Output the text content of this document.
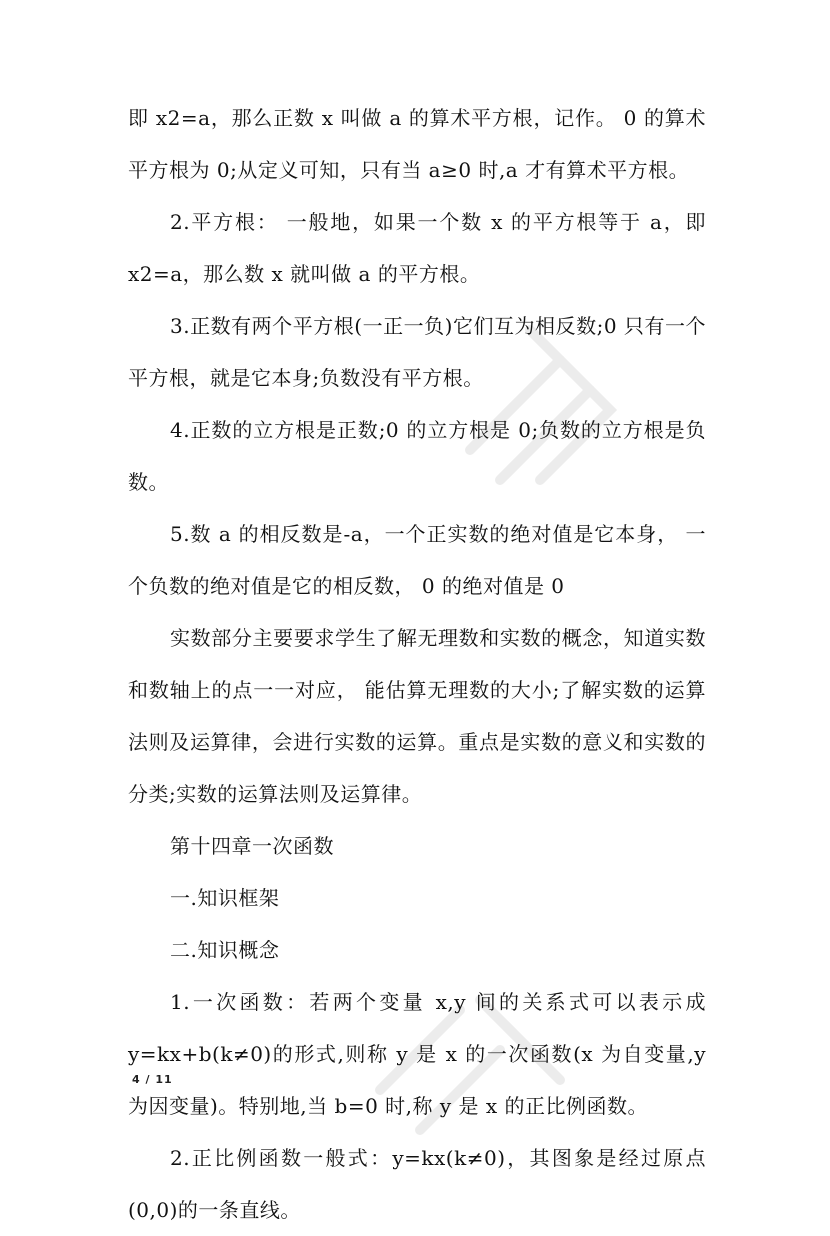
即 x2=a，那么正数 x 叫做 a 的算术平方根，记作。 0 的算术平方根为 0;从定义可知，只有当 a≥0 时,a 才有算术平方根。

2.平方根： 一般地，如果一个数 x 的平方根等于 a，即 x2=a，那么数 x 就叫做 a 的平方根。

3.正数有两个平方根(一正一负)它们互为相反数;0 只有一个平方根，就是它本身;负数没有平方根。

4.正数的立方根是正数;0 的立方根是 0;负数的立方根是负数。

5.数 a 的相反数是-a，一个正实数的绝对值是它本身， 一个负数的绝对值是它的相反数， 0 的绝对值是 0

实数部分主要要求学生了解无理数和实数的概念，知道实数和数轴上的点一一对应， 能估算无理数的大小;了解实数的运算法则及运算律，会进行实数的运算。重点是实数的意义和实数的分类;实数的运算法则及运算律。

第十四章一次函数

一.知识框架

二.知识概念

1.一次函数：若两个变量 x,y 间的关系式可以表示成 y=kx+b(k≠0)的形式,则称 y 是 x 的一次函数(x 为自变量,y 为因变量)。特别地,当 b=0 时,称 y 是 x 的正比例函数。

2.正比例函数一般式：y=kx(k≠0)，其图象是经过原点(0,0)的一条直线。

4 / 11
